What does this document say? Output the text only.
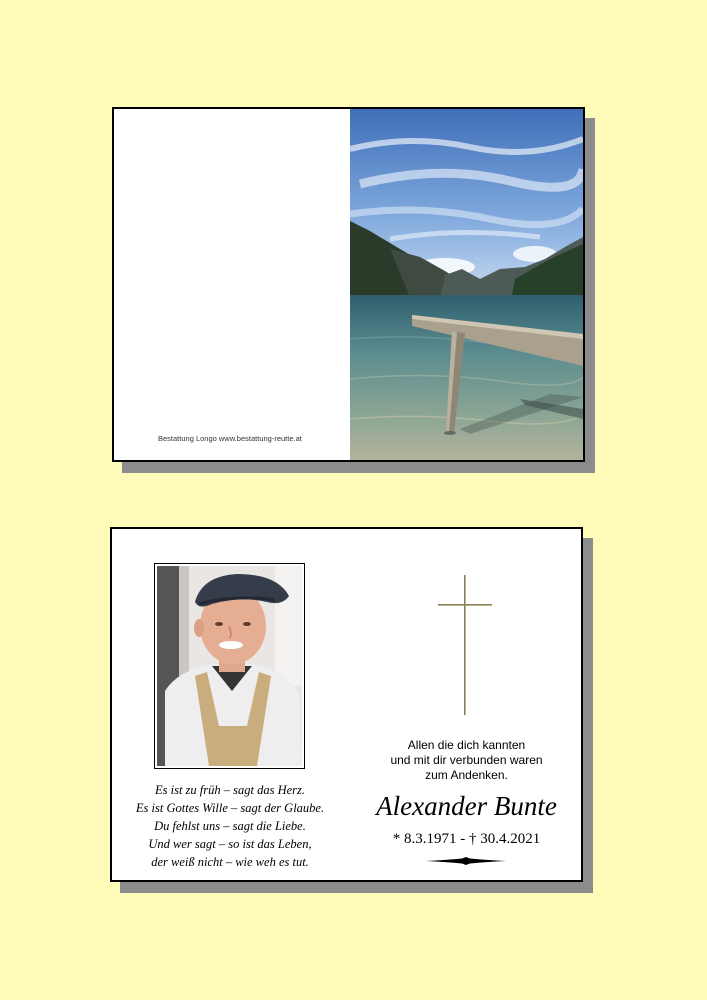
Bestattung Longo www.bestattung-reutte.at
Es ist zu früh – sagt das Herz.
Es ist Gottes Wille – sagt der Glaube.
Du fehlst uns – sagt die Liebe.
Und wer sagt – so ist das Leben,
der weiß nicht – wie weh es tut.
Allen die dich kannten
und mit dir verbunden waren
zum Andenken.
Alexander Bunte
* 8.3.1971 - † 30.4.2021
